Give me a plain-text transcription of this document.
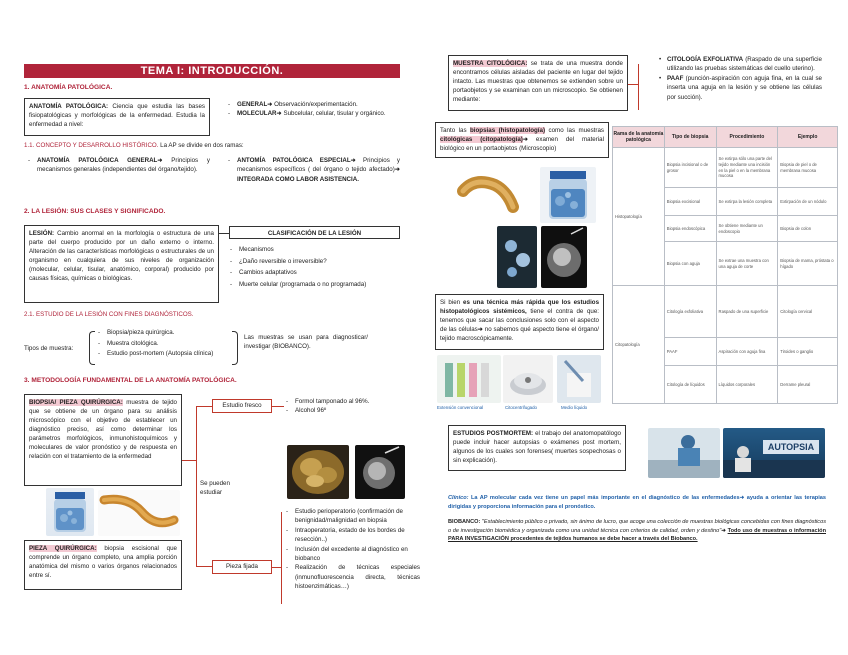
TEMA I: INTRODUCCIÓN.
1. ANATOMÍA PATOLÓGICA.
ANATOMÍA PATOLÓGICA: Ciencia que estudia las bases fisiopatológicas y morfológicas de la enfermedad. Estudia la enfermedad a nivel:
- GENERAL➜ Observación/experimentación.
- MOLECULAR➜ Subcelular, celular, tisular y orgánico.
1.1. CONCEPTO Y DESARROLLO HISTÓRICO. La AP se divide en dos ramas:
- ANATOMÍA PATOLÓGICA GENERAL➜ Principios y mecanismos generales (independientes del órgano/tejido).
- ANTOMÍA PATOLÓGICA ESPECIAL➜ Principios y mecanismos específicos ( del órgano o tejido afectado)➜ INTEGRADA COMO LABOR ASISTENCIA.
2. LA LESIÓN: SUS CLASES Y SIGNIFICADO.
LESIÓN: Cambio anormal en la morfología o estructura de una parte del cuerpo producido por un daño externo o interno. Alteración de las características morfológicas o estructurales de un organismo en cualquiera de sus niveles de organización (molecular, celular, tisular, anatómico, corporal) producido por causas físicas, químicas o biológicas.
CLASIFICACIÓN DE LA LESIÓN
- Mecanismos
- ¿Daño reversible o irreversible?
- Cambios adaptativos
- Muerte celular (programada o no programada)
2.1. ESTUDIO DE LA LESIÓN CON FINES DIAGNÓSTICOS.
Tipos de muestra:
- Biopsia/pieza quirúrgica.
- Muestra citológica.
- Estudio post-mortem (Autopsia clínica)
Las muestras se usan para diagnosticar/ investigar (BIOBANCO).
3. METODOLOGÍA FUNDAMENTAL DE LA ANATOMÍA PATOLÓGICA.
BIOPSIA/ PIEZA QUIRÚRGICA: muestra de tejido que se obtiene de un órgano para su análisis microscópico con el objetivo de establecer un diagnóstico preciso, así como determinar los parámetros morfológicos, inmunohistoquímicos y moleculares de valor pronóstico y de respuesta en relación con el tratamiento de la enfermedad
PIEZA QUIRÚRGICA: biopsia escisional que comprende un órgano completo, una amplia porción anatómica del mismo o varios órganos relacionados entre sí.
Se pueden estudiar
Estudio fresco
- Formol tamponado al 96%.
- Alcohol 96º
Pieza fijada
- Estudio perioperatorio (confirmación de benignidad/malignidad en biopsia
- Intraoperatoria, estado de los bordes de resección..)
- Inclusión del excedente al diagnóstico en biobanco
- Realización de técnicas especiales (inmunofluorescencia directa, técnicas histoenzimáticas…)
MUESTRA CITOLÓGICA: se trata de una muestra donde encontramos células aisladas del paciente en lugar del tejido intacto. Las muestras que obtenemos se extienden sobre un portaobjetos y se examinan con un microscopio. Se obtienen mediante:
• CITOLOGÍA EXFOLIATIVA (Raspado de una superficie utilizando las pruebas sistemáticas del cuello uterino).
• PAAF (punción-aspiración con aguja fina, en la cual se inserta una aguja en la lesión y se obtiene las células por succión).
Tanto las biopsias (histopatología) como las muestras citológicas (citopatología)➜ examen del material biológico en un portaobjetos (Microscopio)
Rama de la anatomía patológica	Tipo de biopsia	Procedimiento	Ejemplo
Histopatología	Biopsia incisional o de grosor	Se extirpa sólo una parte del tejido mediante una incisión en la piel o en la membrana mucosa	Biopsia de piel o de membrana mucosa
	Biopsia excisional	Se extirpa la lesión completa	Extirpación de un nódulo
	Biopsia endoscópica	Se obtiene mediante un endoscopio	Biopsia de colon
	Biopsia con aguja	Se extrae una muestra con una aguja de corte	Biopsia de mama, próstata o hígado
Citopatología	Citología exfoliativa	Raspado de una superficie	Citología cervical
	PAAF	Aspiración con aguja fina	Tiroides o ganglio
	Citología de líquidos	Líquidos corporales	Derrame pleural
Si bien es una técnica más rápida que los estudios histopatológicos sistémicos, tiene el contra de que: tenemos que sacar las conclusiones solo con el aspecto de las células➜ no sabemos qué aspecto tiene el órgano/ tejido macroscópicamente.
Extensión convencional	Citocentrifugado	Medio líquido
ESTUDIOS POSTMORTEM: el trabajo del anatomopatólogo puede incluir hacer autopsias o exámenes post mortem, algunos de los cuales son forenses( muertes sospechosas o sin explicación).
AUTOPSIA
Clínico: La AP molecular cada vez tiene un papel más importante en el diagnóstico de las enfermedades➜ ayuda a orientar las terapias dirigidas y proporciona información para el pronóstico.
BIOBANCO: "Establecimiento público o privado, sin ánimo de lucro, que acoge una colección de muestras biológicas concebidas con fines diagnósticos o de investigación biomédica y organizada como una unidad técnica con criterios de calidad, orden y destino"➜ Todo uso de muestras o información PARA INVESTIGACIÓN procedentes de tejidos humanos se debe hacer a través del Biobanco.
